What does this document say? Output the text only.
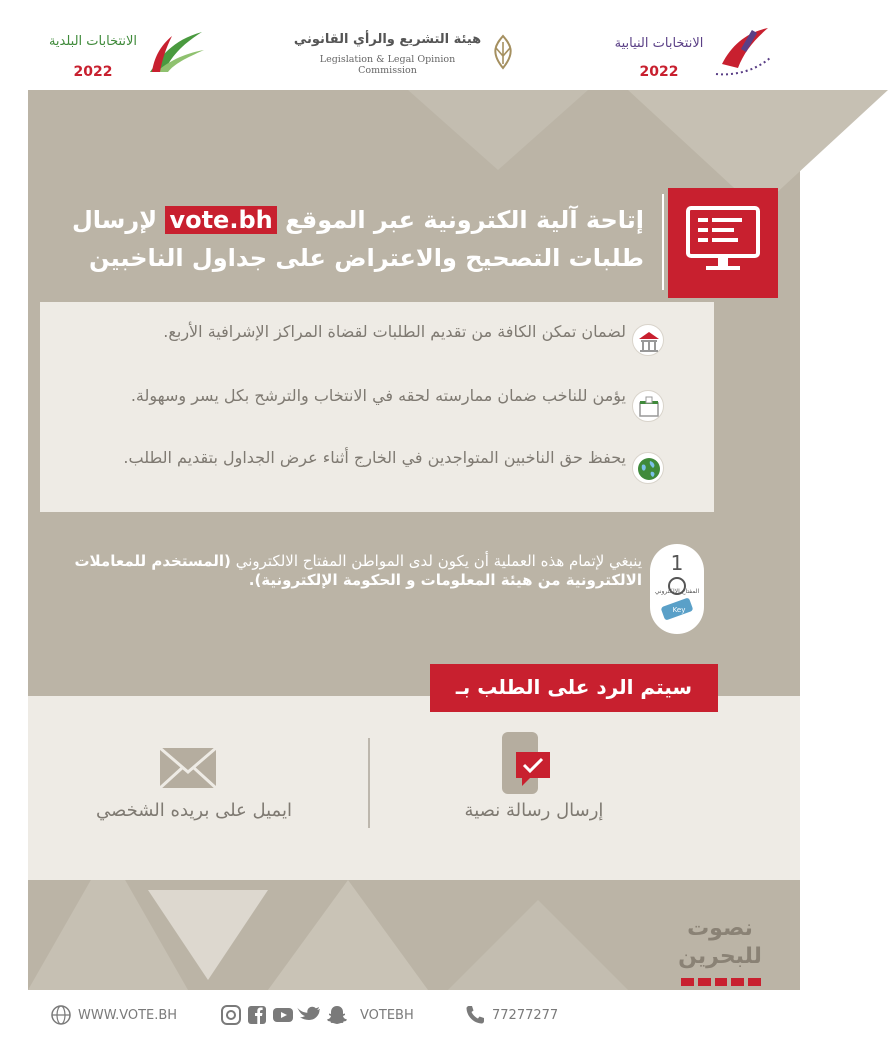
الانتخابات البلدية
2022
هيئة التشريع والرأي القانوني
Legislation & Legal Opinion Commission
الانتخابات النيابية
2022
إتاحة آلية الكترونية عبر الموقع vote.bh لإرسال
طلبات التصحيح والاعتراض على جداول الناخبين
لضمان تمكن الكافة من تقديم الطلبات لقضاة المراكز الإشرافية الأربع.
يؤمن للناخب ضمان ممارسته لحقه في الانتخاب والترشح بكل يسر وسهولة.
يحفظ حق الناخبين المتواجدين في الخارج أثناء عرض الجداول بتقديم الطلب.
ينبغي لإتمام هذه العملية أن يكون لدى المواطن المفتاح الالكتروني (المستخدم للمعاملات الالكترونية من هيئة المعلومات و الحكومة الإلكترونية).
1
المفتاح الإلكتروني
Key
إرسال رسالة نصية
ايميل على بريده الشخصي
سيتم الرد على الطلب بـ
نصوت
للبحرين
WWW.VOTE.BH	VOTEBH	77277277
